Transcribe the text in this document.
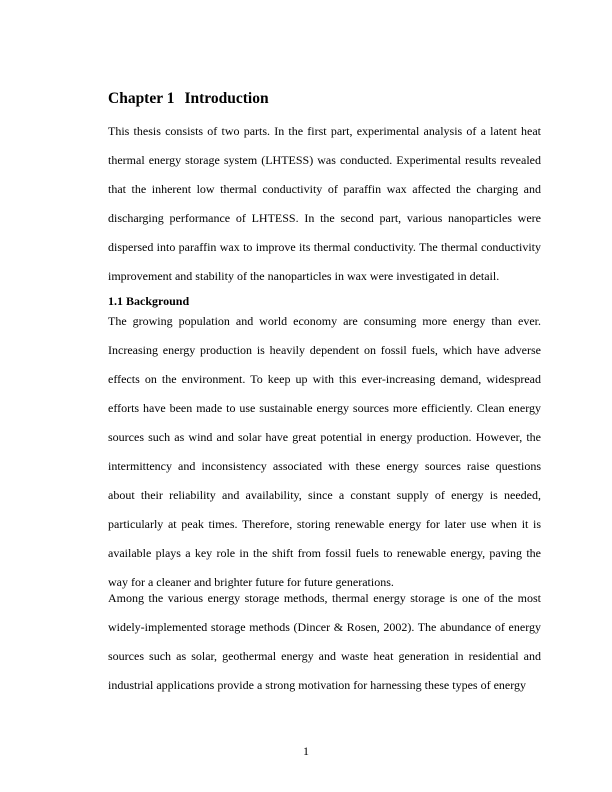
Chapter 1 Introduction

This thesis consists of two parts. In the first part, experimental analysis of a latent heat thermal energy storage system (LHTESS) was conducted. Experimental results revealed that the inherent low thermal conductivity of paraffin wax affected the charging and discharging performance of LHTESS. In the second part, various nanoparticles were dispersed into paraffin wax to improve its thermal conductivity. The thermal conductivity improvement and stability of the nanoparticles in wax were investigated in detail.

1.1 Background

The growing population and world economy are consuming more energy than ever. Increasing energy production is heavily dependent on fossil fuels, which have adverse effects on the environment. To keep up with this ever-increasing demand, widespread efforts have been made to use sustainable energy sources more efficiently. Clean energy sources such as wind and solar have great potential in energy production. However, the intermittency and inconsistency associated with these energy sources raise questions about their reliability and availability, since a constant supply of energy is needed, particularly at peak times. Therefore, storing renewable energy for later use when it is available plays a key role in the shift from fossil fuels to renewable energy, paving the way for a cleaner and brighter future for future generations.

Among the various energy storage methods, thermal energy storage is one of the most widely-implemented storage methods (Dincer & Rosen, 2002). The abundance of energy sources such as solar, geothermal energy and waste heat generation in residential and industrial applications provide a strong motivation for harnessing these types of energy

1
